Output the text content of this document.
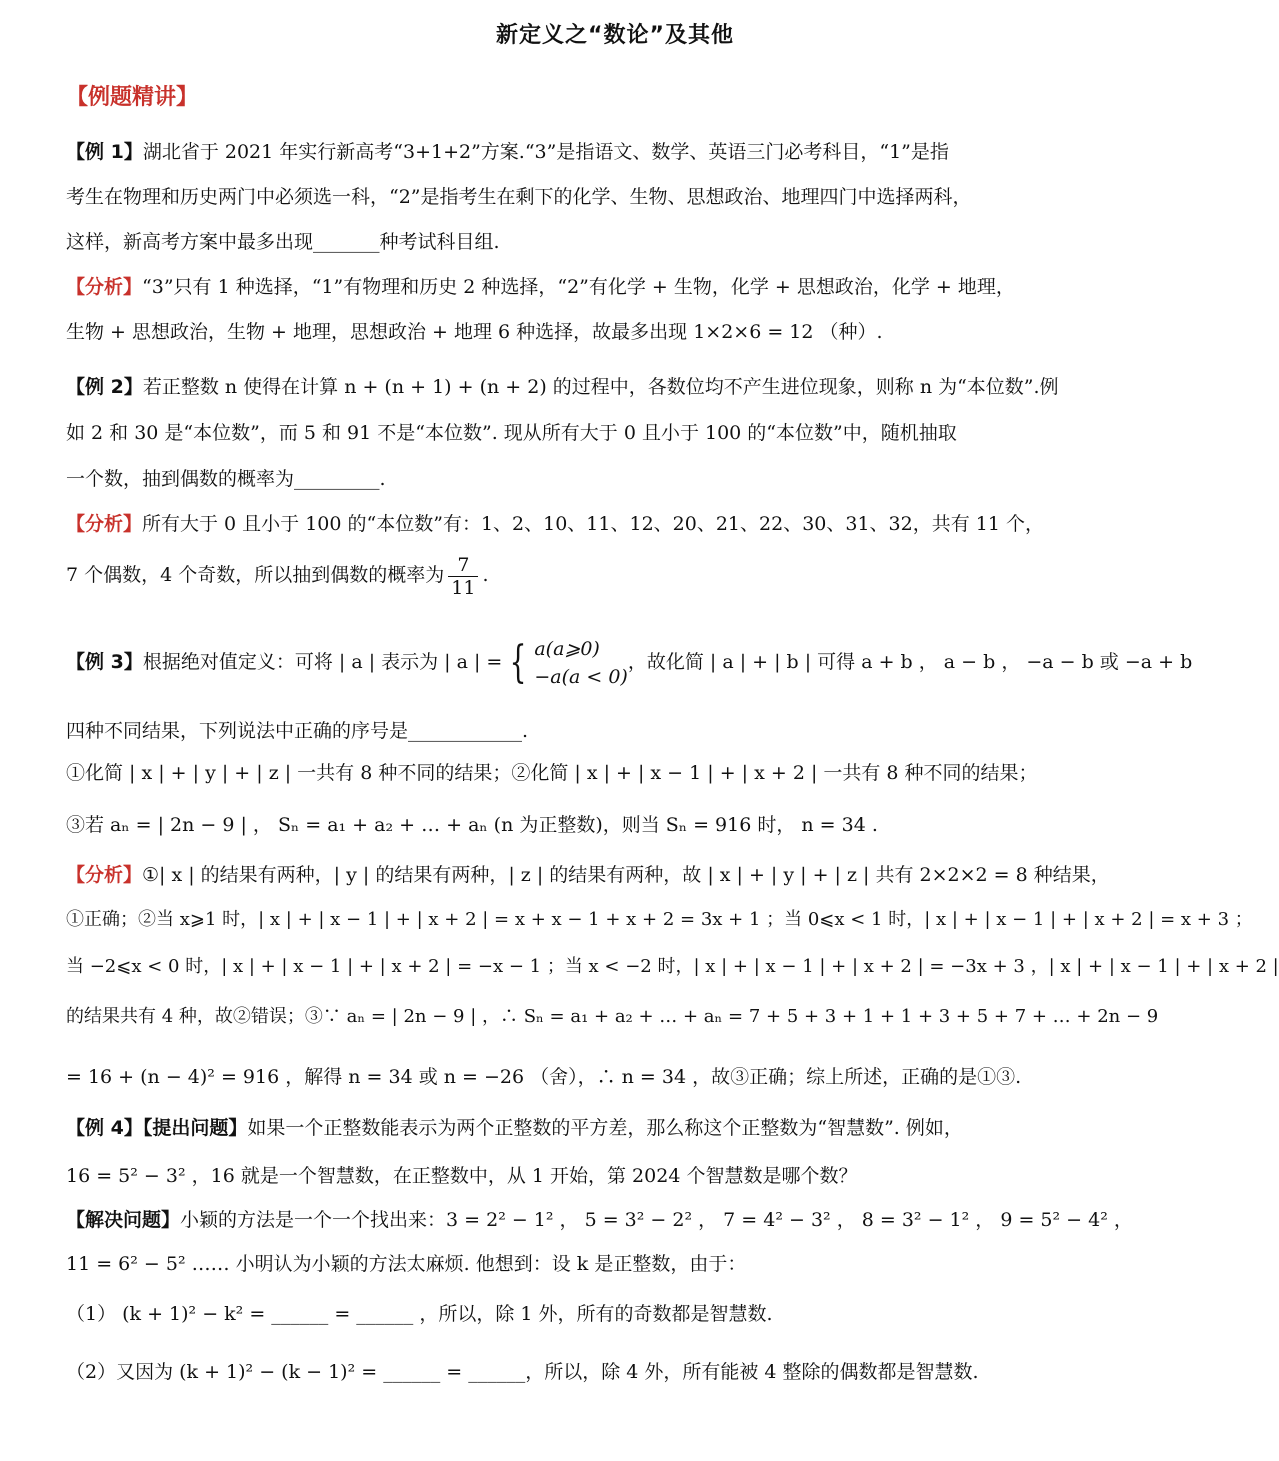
新定义之“数论”及其他
【例题精讲】
【例 1】湖北省于 2021 年实行新高考“3+1+2”方案.“3”是指语文、数学、英语三门必考科目，“1”是指
考生在物理和历史两门中必须选一科，“2”是指考生在剩下的化学、生物、思想政治、地理四门中选择两科，
这样，新高考方案中最多出现_______种考试科目组.
【分析】“3”只有 1 种选择，“1”有物理和历史 2 种选择，“2”有化学 + 生物，化学 + 思想政治，化学 + 地理，
生物 + 思想政治，生物 + 地理，思想政治 + 地理 6 种选择，故最多出现 1×2×6 = 12 （种）.
【例 2】若正整数 n 使得在计算 n + (n + 1) + (n + 2) 的过程中，各数位均不产生进位现象，则称 n 为“本位数”.例
如 2 和 30 是“本位数”，而 5 和 91 不是“本位数”. 现从所有大于 0 且小于 100 的“本位数”中，随机抽取
一个数，抽到偶数的概率为_________.
【分析】所有大于 0 且小于 100 的“本位数”有：1、2、10、11、12、20、21、22、30、31、32，共有 11 个，
7 个偶数，4 个奇数，所以抽到偶数的概率为 $\frac{7}{11}$ .
【例 3】根据绝对值定义：可将 | a | 表示为 | a | = { a(a⩾0)
−a(a < 0)
，故化简 | a | + | b | 可得 a + b ， a − b ， −a − b 或 −a + b
四种不同结果，下列说法中正确的序号是____________.
①化简 | x | + | y | + | z | 一共有 8 种不同的结果；②化简 | x | + | x − 1 | + | x + 2 | 一共有 8 种不同的结果；
③若 aₙ = | 2n − 9 | ， Sₙ = a₁ + a₂ + … + aₙ (n 为正整数)，则当 Sₙ = 916 时， n = 34 .
【分析】①| x | 的结果有两种，| y | 的结果有两种，| z | 的结果有两种，故 | x | + | y | + | z | 共有 2×2×2 = 8 种结果，
①正确；②当 x⩾1 时，| x | + | x − 1 | + | x + 2 | = x + x − 1 + x + 2 = 3x + 1 ；当 0⩽x < 1 时，| x | + | x − 1 | + | x + 2 | = x + 3 ；
当 −2⩽x < 0 时，| x | + | x − 1 | + | x + 2 | = −x − 1 ；当 x < −2 时，| x | + | x − 1 | + | x + 2 | = −3x + 3 ，| x | + | x − 1 | + | x + 2 |
的结果共有 4 种，故②错误；③∵ aₙ = | 2n − 9 | ，∴ Sₙ = a₁ + a₂ + … + aₙ = 7 + 5 + 3 + 1 + 1 + 3 + 5 + 7 + … + 2n − 9
= 16 + (n − 4)² = 916 ，解得 n = 34 或 n = −26 （舍），∴ n = 34 ，故③正确；综上所述，正确的是①③.
【例 4】【提出问题】如果一个正整数能表示为两个正整数的平方差，那么称这个正整数为“智慧数”. 例如，
16 = 5² − 3² ，16 就是一个智慧数，在正整数中，从 1 开始，第 2024 个智慧数是哪个数？
【解决问题】小颖的方法是一个一个找出来：3 = 2² − 1² ， 5 = 3² − 2² ， 7 = 4² − 3² ， 8 = 3² − 1² ， 9 = 5² − 4² ，
11 = 6² − 5² …… 小明认为小颖的方法太麻烦. 他想到：设 k 是正整数，由于：
（1） (k + 1)² − k² = ______ = ______ ，所以，除 1 外，所有的奇数都是智慧数.
（2）又因为 (k + 1)² − (k − 1)² = ______ = ______，所以，除 4 外，所有能被 4 整除的偶数都是智慧数.
